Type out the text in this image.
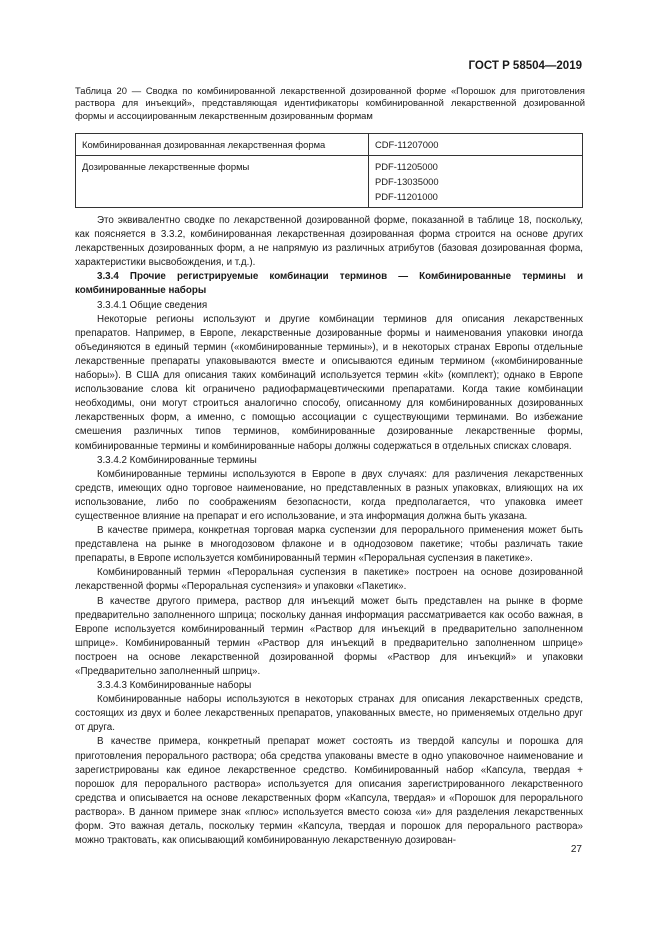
ГОСТ Р 58504—2019
Таблица 20 — Сводка по комбинированной лекарственной дозированной форме «Порошок для приготовления раствора для инъекций», представляющая идентификаторы комбинированной лекарственной дозированной формы и ассоциированным лекарственным дозированным формам
Комбинированная дозированная лекарственная форма	CDF-11207000

Дозированные лекарственные формы	PDF-11205000
PDF-13035000
PDF-11201000

Это эквивалентно сводке по лекарственной дозированной форме, показанной в таблице 18, поскольку, как поясняется в 3.3.2, комбинированная лекарственная дозированная форма строится на основе других лекарственных дозированных форм, а не напрямую из различных атрибутов (базовая дозированная форма, характеристики высвобождения, и т.д.).

3.3.4 Прочие регистрируемые комбинации терминов — Комбинированные термины и комбинированные наборы

3.3.4.1 Общие сведения

Некоторые регионы используют и другие комбинации терминов для описания лекарственных препаратов. Например, в Европе, лекарственные дозированные формы и наименования упаковки иногда объединяются в единый термин («комбинированные термины»), и в некоторых странах Европы отдельные лекарственные препараты упаковываются вместе и описываются единым термином («комбинированные наборы»). В США для описания таких комбинаций используется термин «kit» (комплект); однако в Европе использование слова kit ограничено радиофармацевтическими препаратами. Когда такие комбинации необходимы, они могут строиться аналогично способу, описанному для комбинированных дозированных лекарственных форм, а именно, с помощью ассоциации с существующими терминами. Во избежание смешения различных типов терминов, комбинированные дозированные лекарственные формы, комбинированные термины и комбинированные наборы должны содержаться в отдельных списках словаря.

3.3.4.2 Комбинированные термины

Комбинированные термины используются в Европе в двух случаях: для различения лекарственных средств, имеющих одно торговое наименование, но представленных в разных упаковках, влияющих на их использование, либо по соображениям безопасности, когда предполагается, что упаковка имеет существенное влияние на препарат и его использование, и эта информация должна быть указана.

В качестве примера, конкретная торговая марка суспензии для перорального применения может быть представлена на рынке в многодозовом флаконе и в однодозовом пакетике; чтобы различать такие препараты, в Европе используется комбинированный термин «Пероральная суспензия в пакетике».

Комбинированный термин «Пероральная суспензия в пакетике» построен на основе дозированной лекарственной формы «Пероральная суспензия» и упаковки «Пакетик».

В качестве другого примера, раствор для инъекций может быть представлен на рынке в форме предварительно заполненного шприца; поскольку данная информация рассматривается как особо важная, в Европе используется комбинированный термин «Раствор для инъекций в предварительно заполненном шприце». Комбинированный термин «Раствор для инъекций в предварительно заполненном шприце» построен на основе лекарственной дозированной формы «Раствор для инъекций» и упаковки «Предварительно заполненный шприц».

3.3.4.3 Комбинированные наборы

Комбинированные наборы используются в некоторых странах для описания лекарственных средств, состоящих из двух и более лекарственных препаратов, упакованных вместе, но применяемых отдельно друг от друга.

В качестве примера, конкретный препарат может состоять из твердой капсулы и порошка для приготовления перорального раствора; оба средства упакованы вместе в одно упаковочное наименование и зарегистрированы как единое лекарственное средство. Комбинированный набор «Капсула, твердая + порошок для перорального раствора» используется для описания зарегистрированного лекарственного средства и описывается на основе лекарственных форм «Капсула, твердая» и «Порошок для перорального раствора». В данном примере знак «плюс» используется вместо союза «и» для разделения лекарственных форм. Это важная деталь, поскольку термин «Капсула, твердая и порошок для перорального раствора» можно трактовать, как описывающий комбинированную лекарственную дозирован-

27
